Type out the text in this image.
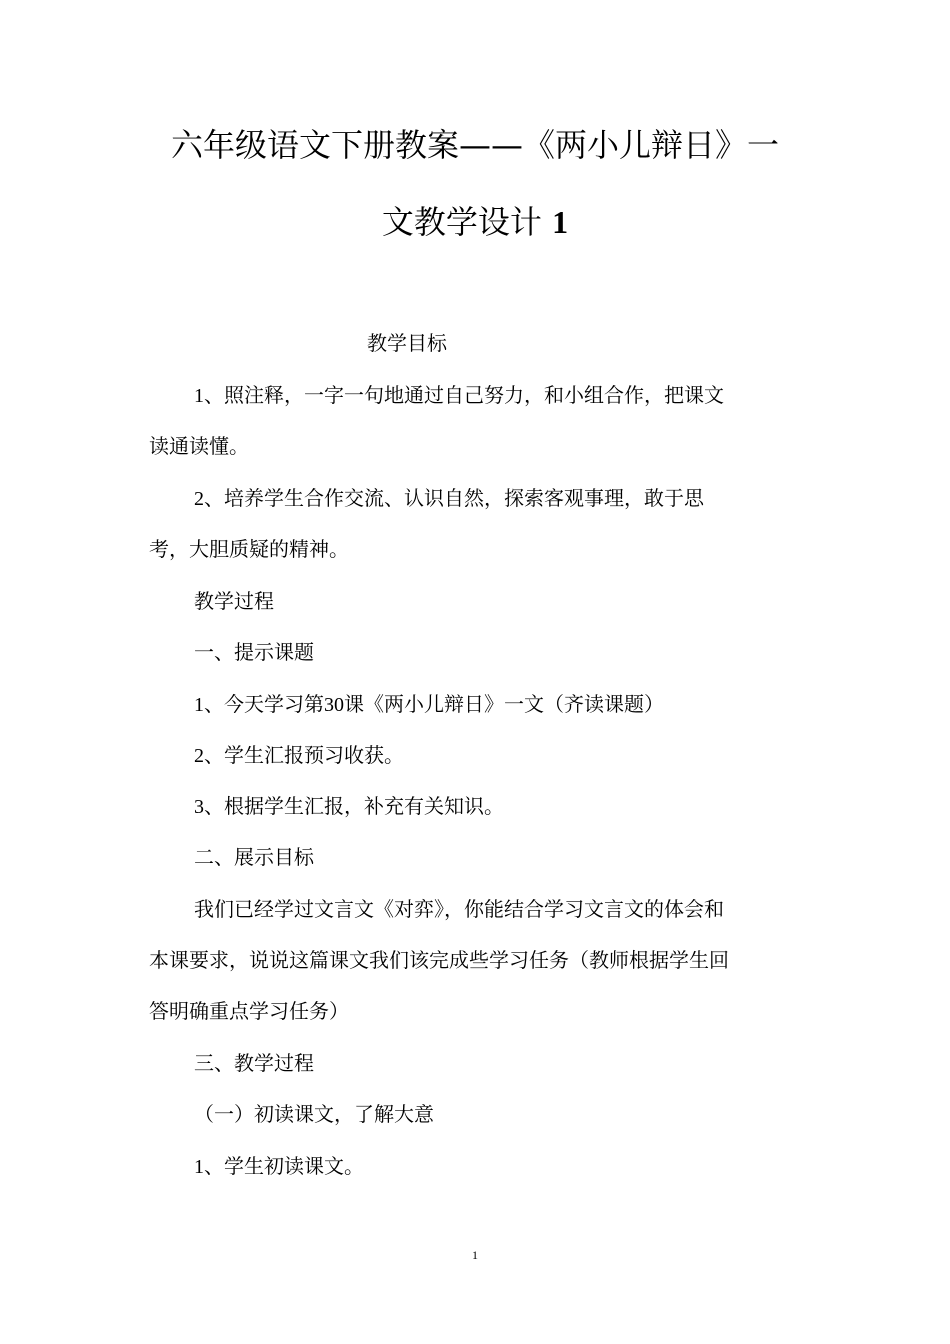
六年级语文下册教案——《两小儿辩日》一
文教学设计 1
教学目标
1、照注释，一字一句地通过自己努力，和小组合作，把课文
读通读懂。
2、培养学生合作交流、认识自然，探索客观事理，敢于思
考，大胆质疑的精神。
教学过程
一、提示课题
1、今天学习第30课《两小儿辩日》一文（齐读课题）
2、学生汇报预习收获。
3、根据学生汇报，补充有关知识。
二、展示目标
我们已经学过文言文《对弈》，你能结合学习文言文的体会和
本课要求，说说这篇课文我们该完成些学习任务（教师根据学生回
答明确重点学习任务）
三、教学过程
（一）初读课文，了解大意
1、学生初读课文。
1
